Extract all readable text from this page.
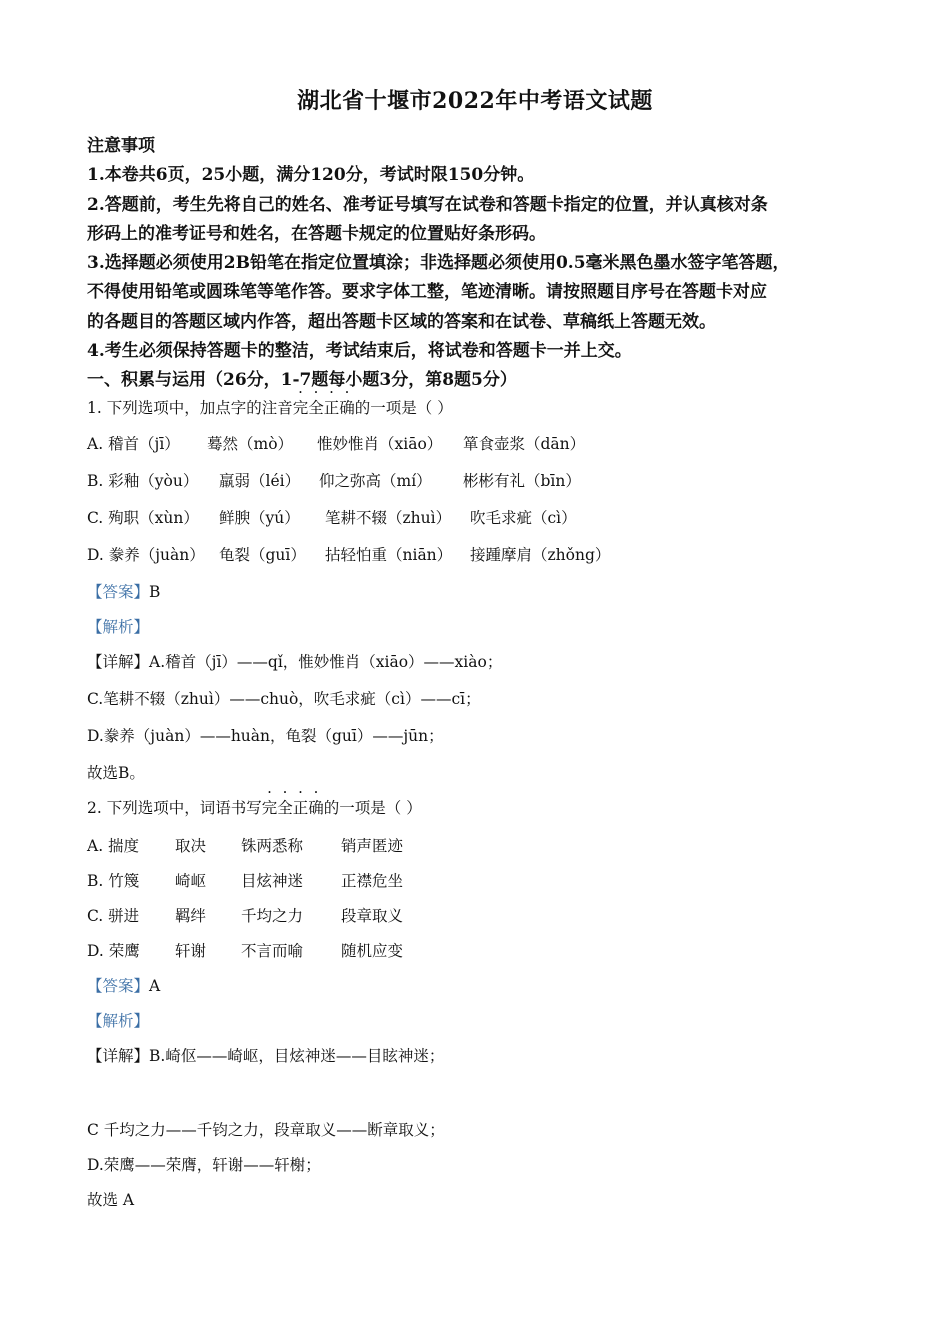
湖北省十堰市2022年中考语文试题
注意事项
1.本卷共6页，25小题，满分120分，考试时限150分钟。
2.答题前，考生先将自己的姓名、准考证号填写在试卷和答题卡指定的位置，并认真核对条
形码上的准考证号和姓名，在答题卡规定的位置贴好条形码。
3.选择题必须使用2B铅笔在指定位置填涂；非选择题必须使用0.5毫米黑色墨水签字笔答题，
不得使用铅笔或圆珠笔等笔作答。要求字体工整，笔迹清晰。请按照题目序号在答题卡对应
的各题目的答题区域内作答，超出答题卡区域的答案和在试卷、草稿纸上答题无效。
4.考生必须保持答题卡的整洁，考试结束后，将试卷和答题卡一并上交。
一、积累与运用（26分，1-7题每小题3分，第8题5分）
1. 下列选项中，加点字的注音完全正确的一项是（ ）
A. 稽首（jī） 蓦然（mò） 惟妙惟肖（xiāo） 箪食壶浆（dān）
B. 彩釉（yòu） 羸弱（léi） 仰之弥高（mí） 彬彬有礼（bīn）
C. 殉职（xùn） 鲜腴（yú） 笔耕不辍（zhuì） 吹毛求疵（cì）
D. 豢养（juàn） 龟裂（guī） 拈轻怕重（niān） 接踵摩肩（zhǒng）
【答案】B
【解析】
【详解】A.稽首（jī）——qǐ，惟妙惟肖（xiāo）——xiào；
C.笔耕不辍（zhuì）——chuò，吹毛求疵（cì）——cī；
D.豢养（juàn）——huàn，龟裂（guī）——jūn；
故选B。
2. 下列选项中，词语书写完全正确的一项是（ ）
A. 揣度 取决 铢两悉称 销声匿迹
B. 竹篾 崎岖 目炫神迷 正襟危坐
C. 骈进 羁绊 千均之力 段章取义
D. 荣鹰 轩谢 不言而喻 随机应变
【答案】A
【解析】
【详解】B.崎伛——崎岖，目炫神迷——目眩神迷；
C 千均之力——千钧之力，段章取义——断章取义；
D.荣鹰——荣膺，轩谢——轩榭；
故选 A
